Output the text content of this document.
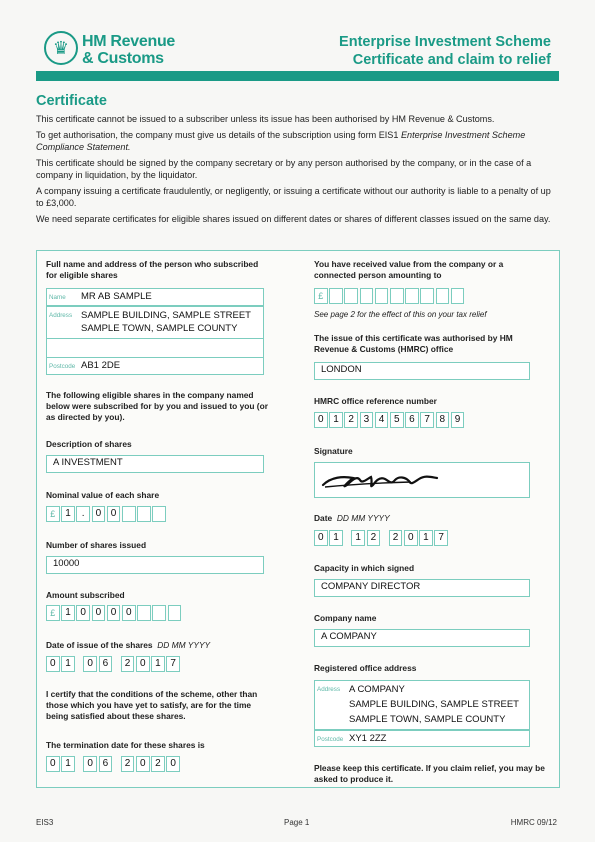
♛ HM Revenue
& Customs
Enterprise Investment Scheme
Certificate and claim to relief
Certificate

This certificate cannot be issued to a subscriber unless its issue has been authorised by HM Revenue & Customs.

To get authorisation, the company must give us details of the subscription using form EIS1 Enterprise Investment Scheme Compliance Statement.

This certificate should be signed by the company secretary or by any person authorised by the company, or in the case of a company in liquidation, by the liquidator.

A company issuing a certificate fraudulently, or negligently, or issuing a certificate without our authority is liable to a penalty of up to £3,000.

We need separate certificates for eligible shares issued on different dates or shares of different classes issued on the same day.

Full name and address of the person who subscribed for eligible shares
Name MR AB SAMPLE
Address SAMPLE BUILDING, SAMPLE STREET
SAMPLE TOWN, SAMPLE COUNTY
Postcode AB1 2DE
The following eligible shares in the company named below were subscribed for by you and issued to you (or as directed by you).
Description of shares
A INVESTMENT
Nominal value of each share
£ 1	.	0 0
Number of shares issued
10000
Amount subscribed
£ 1 0 0 0 0
Date of issue of the shares DD MM YYYY
0 1	0 6	2 0 1 7
I certify that the conditions of the scheme, other than those which you have yet to satisfy, are for the time being satisfied about these shares.
The termination date for these shares is
0 1	0 6	2 0 2 0
You have received value from the company or a connected person amounting to
£
See page 2 for the effect of this on your tax relief
The issue of this certificate was authorised by HM Revenue & Customs (HMRC) office
LONDON
HMRC office reference number
0 1 2 3 4 5 6 7 8 9
Signature
Date DD MM YYYY
0 1	1 2	2 0 1 7
Capacity in which signed
COMPANY DIRECTOR
Company name
A COMPANY
Registered office address
Address A COMPANY
SAMPLE BUILDING, SAMPLE STREET
SAMPLE TOWN, SAMPLE COUNTY
Postcode XY1 2ZZ
Please keep this certificate. If you claim relief, you may be asked to produce it.
EIS3	Page 1	HMRC 09/12
